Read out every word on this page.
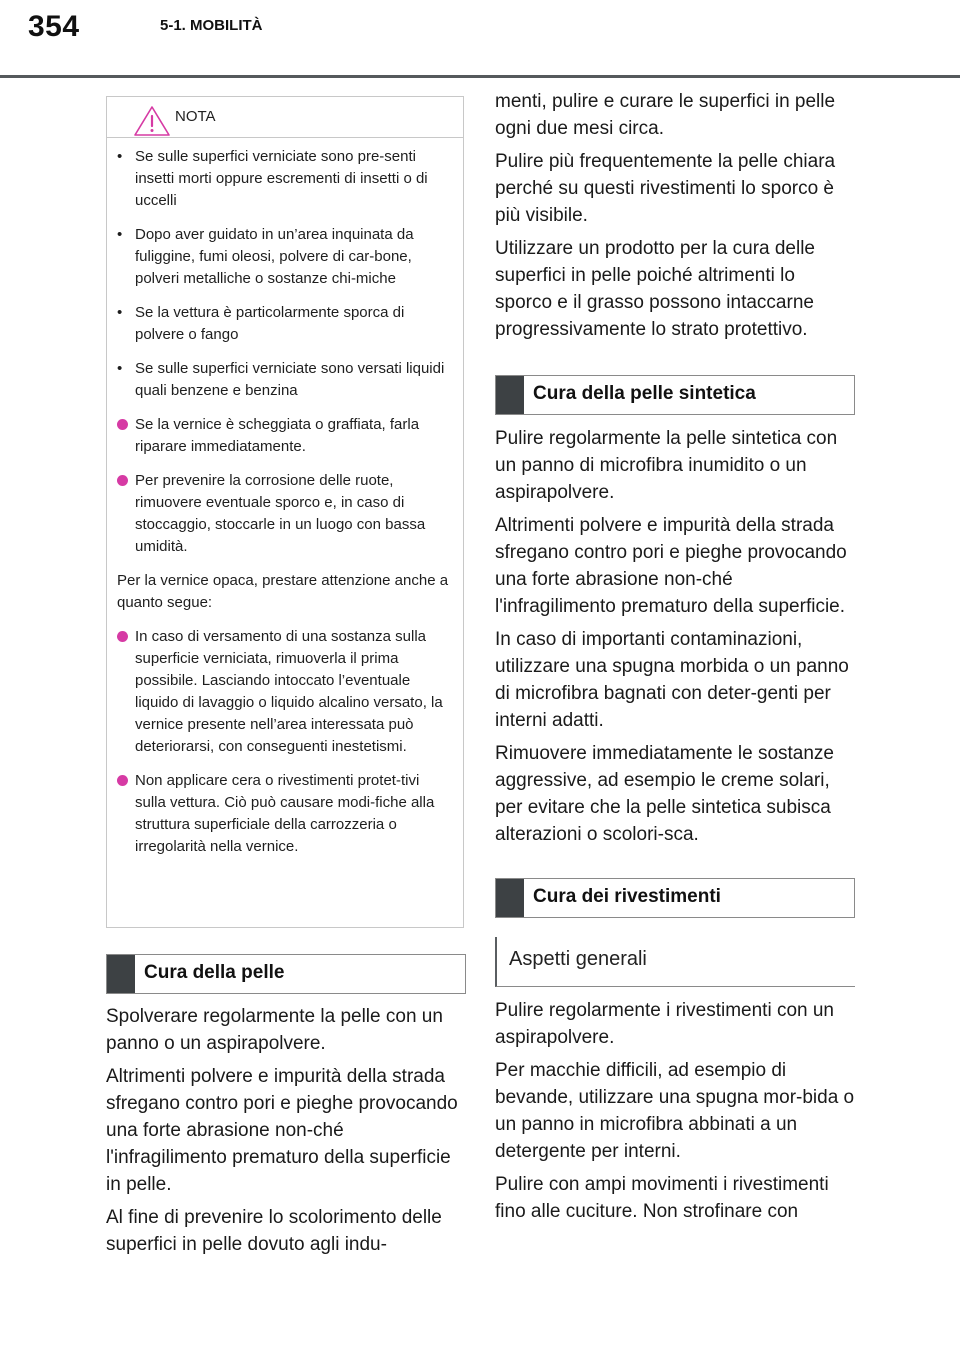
354	5-1. MOBILITÀ
NOTA
• Se sulle superfici verniciate sono pre-senti insetti morti oppure escrementi di insetti o di uccelli
• Dopo aver guidato in un’area inquinata da fuliggine, fumi oleosi, polvere di car-bone, polveri metalliche o sostanze chi-miche
• Se la vettura è particolarmente sporca di polvere o fango
• Se sulle superfici verniciate sono versati liquidi quali benzene e benzina
Se la vernice è scheggiata o graffiata, farla riparare immediatamente.
Per prevenire la corrosione delle ruote, rimuovere eventuale sporco e, in caso di stoccaggio, stoccarle in un luogo con bassa umidità.
Per la vernice opaca, prestare attenzione anche a quanto segue:
In caso di versamento di una sostanza sulla superficie verniciata, rimuoverla il prima possibile. Lasciando intoccato l’eventuale liquido di lavaggio o liquido alcalino versato, la vernice presente nell’area interessata può deteriorarsi, con conseguenti inestetismi.
Non applicare cera o rivestimenti protet-tivi sulla vettura. Ciò può causare modi-fiche alla struttura superficiale della carrozzeria o irregolarità nella vernice.
Cura della pelle

Spolverare regolarmente la pelle con un panno o un aspirapolvere.

Altrimenti polvere e impurità della strada sfregano contro pori e pieghe provocando una forte abrasione non-ché l'infragilimento prematuro della superficie in pelle.

Al fine di prevenire lo scolorimento delle superfici in pelle dovuto agli indu-

menti, pulire e curare le superfici in pelle ogni due mesi circa.

Pulire più frequentemente la pelle chiara perché su questi rivestimenti lo sporco è più visibile.

Utilizzare un prodotto per la cura delle superfici in pelle poiché altrimenti lo sporco e il grasso possono intaccarne progressivamente lo strato protettivo.

Cura della pelle sintetica

Pulire regolarmente la pelle sintetica con un panno di microfibra inumidito o un aspirapolvere.

Altrimenti polvere e impurità della strada sfregano contro pori e pieghe provocando una forte abrasione non-ché l'infragilimento prematuro della superficie.

In caso di importanti contaminazioni, utilizzare una spugna morbida o un panno di microfibra bagnati con deter-genti per interni adatti.

Rimuovere immediatamente le sostanze aggressive, ad esempio le creme solari, per evitare che la pelle sintetica subisca alterazioni o scolori-sca.

Cura dei rivestimenti
Aspetti generali

Pulire regolarmente i rivestimenti con un aspirapolvere.

Per macchie difficili, ad esempio di bevande, utilizzare una spugna mor-bida o un panno in microfibra abbinati a un detergente per interni.

Pulire con ampi movimenti i rivestimenti fino alle cuciture. Non strofinare con
